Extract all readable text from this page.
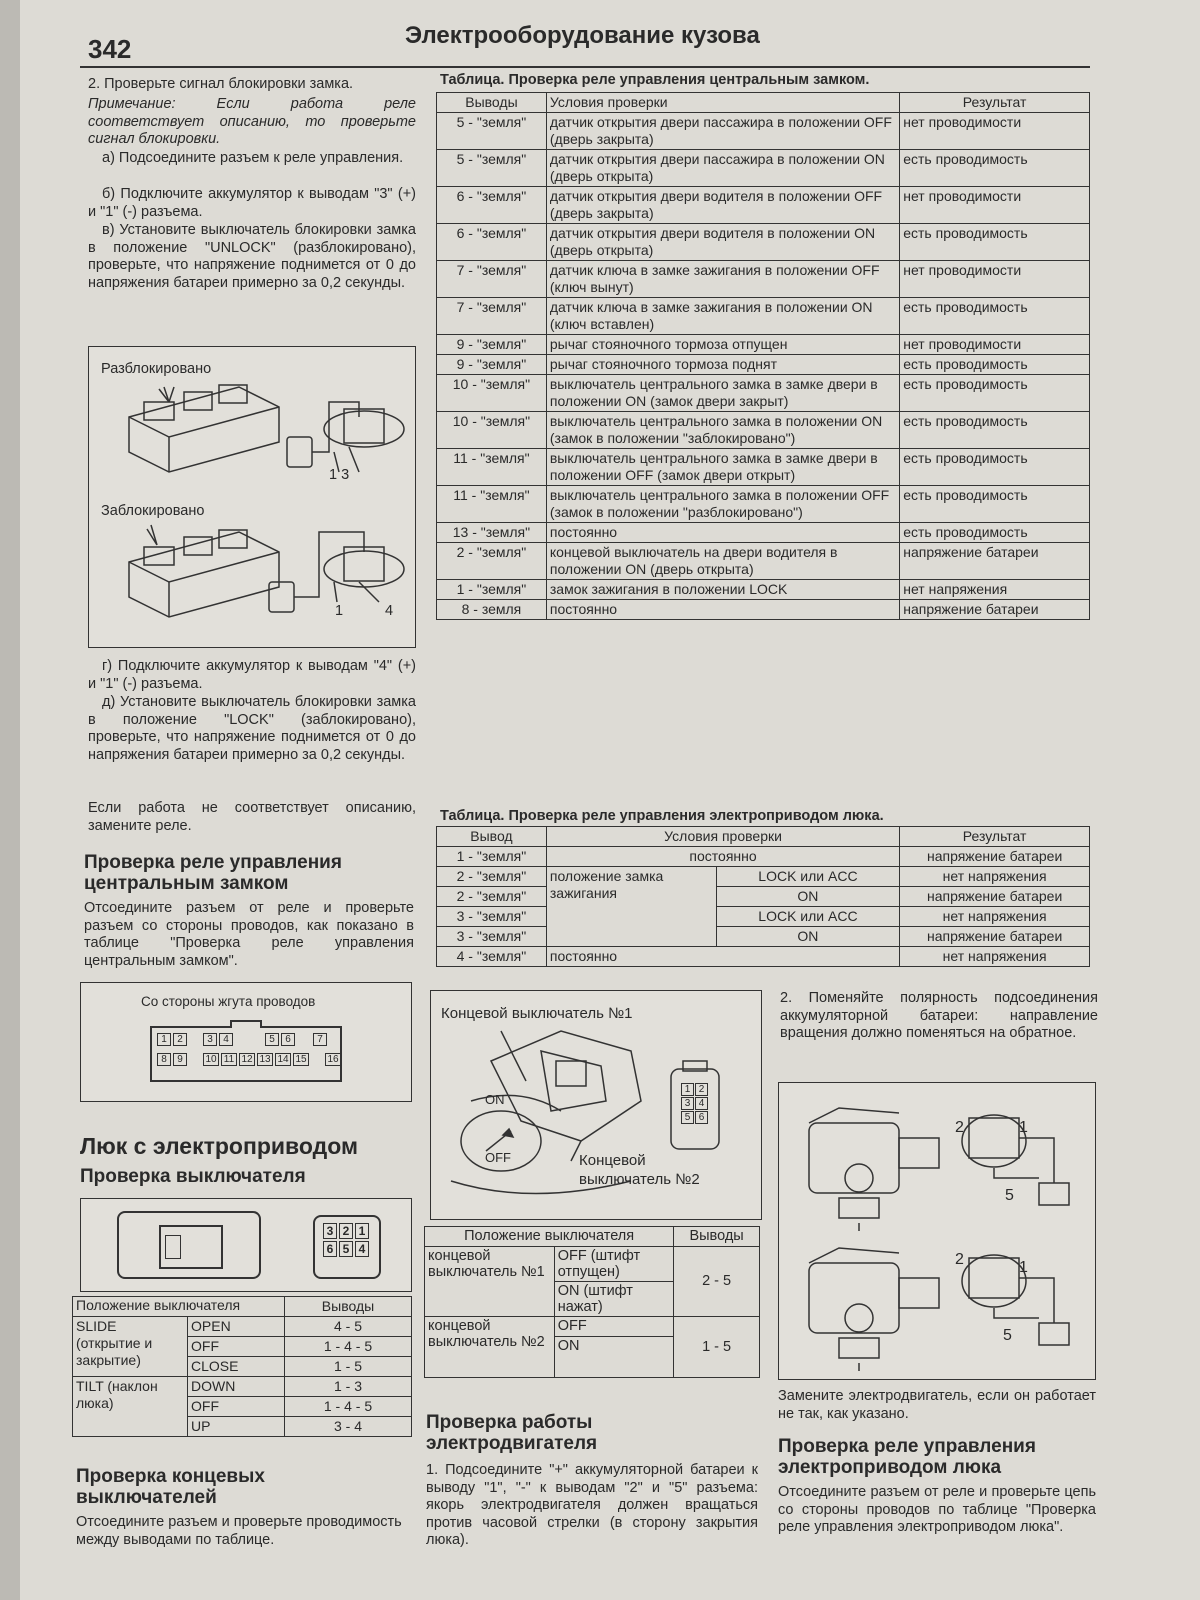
342	Электрооборудование кузова
2. Проверьте сигнал блокировки замка.
Примечание: Если работа реле соответствует описанию, то проверьте сигнал блокировки.
а) Подсоедините разъем к реле управления.
б) Подключите аккумулятор к выводам "3" (+) и "1" (-) разъема.
в) Установите выключатель блокировки замка в положение "UNLOCK" (разблокировано), проверьте, что напряжение поднимется от 0 до напряжения батареи примерно за 0,2 секунды.
Разблокировано
Заблокировано
1 3
1	4
г) Подключите аккумулятор к выводам "4" (+) и "1" (-) разъема.
д) Установите выключатель блокировки замка в положение "LOCK" (заблокировано), проверьте, что напряжение поднимется от 0 до напряжения батареи примерно за 0,2 секунды.
Если работа не соответствует описанию, замените реле.
Проверка реле управления центральным замком
Отсоедините разъем от реле и проверьте разъем со стороны проводов, как показано в таблице "Проверка реле управления центральным замком".
Со стороны жгута проводов
1	2	3	4	5	6	7
8	9	10 11 12 13 14 15 16
Люк с электроприводом
Проверка выключателя
3 2 1
6 5 4
Положение выключателя		Выводы
SLIDE (открытие и закрытие)	OPEN	4 - 5
	OFF	1 - 4 - 5
	CLOSE	1 - 5
TILT (наклон люка)	DOWN	1 - 3
	OFF	1 - 4 - 5
	UP	3 - 4
Проверка концевых выключателей
Отсоедините разъем и проверьте проводимость между выводами по таблице.
Таблица. Проверка реле управления центральным замком.
Выводы	Условия проверки	Результат
5 - "земля"	датчик открытия двери пассажира в положении OFF (дверь закрыта)	нет проводимости
5 - "земля"	датчик открытия двери пассажира в положении ON (дверь открыта)	есть проводимость
6 - "земля"	датчик открытия двери водителя в положении OFF (дверь закрыта)	нет проводимости
6 - "земля"	датчик открытия двери водителя в положении ON (дверь открыта)	есть проводимость
7 - "земля"	датчик ключа в замке зажигания в положении OFF (ключ вынут)	нет проводимости
7 - "земля"	датчик ключа в замке зажигания в положении ON (ключ вставлен)	есть проводимость
9 - "земля"	рычаг стояночного тормоза отпущен	нет проводимости
9 - "земля"	рычаг стояночного тормоза поднят	есть проводимость
10 - "земля"	выключатель центрального замка в замке двери в положении ON (замок двери закрыт)	есть проводимость
10 - "земля"	выключатель центрального замка в положении ON (замок в положении "заблокировано")	есть проводимость
11 - "земля"	выключатель центрального замка в замке двери в положении OFF (замок двери открыт)	есть проводимость
11 - "земля"	выключатель центрального замка в положении OFF (замок в положении "разблокировано")	есть проводимость
13 - "земля"	постоянно	есть проводимость
2 - "земля"	концевой выключатель на двери водителя в положении ON (дверь открыта)	напряжение батареи
1 - "земля"	замок зажигания в положении LOCK	нет напряжения
8 - земля	постоянно	напряжение батареи
Таблица. Проверка реле управления электроприводом люка.
Вывод	Условия проверки		Результат
1 - "земля"	постоянно		напряжение батареи
2 - "земля"	положение замка зажигания	LOCK или ACC	нет напряжения
2 - "земля"		ON	напряжение батареи
3 - "земля"		LOCK или ACC	нет напряжения
3 - "земля"		ON	напряжение батареи
4 - "земля"	постоянно		нет напряжения
Концевой выключатель №1
ON
OFF	Концевой выключатель №2
1 2
3 4
5 6
Положение выключателя		Выводы
концевой выключатель №1	OFF (штифт отпущен)	2 - 5
	ON (штифт нажат)	
концевой выключатель №2	OFF	1 - 5
	ON	
Проверка работы электродвигателя
1. Подсоедините "+" аккумуляторной батареи к выводу "1", "-" к выводам "2" и "5" разъема: якорь электродвигателя должен вращаться против часовой стрелки (в сторону закрытия люка).
2. Поменяйте полярность подсоединения аккумуляторной батареи: направление вращения должно поменяться на обратное.
2	1
5
2	1
5
Замените электродвигатель, если он работает не так, как указано.
Проверка реле управления электроприводом люка
Отсоедините разъем от реле и проверьте цепь со стороны проводов по таблице "Проверка реле управления электроприводом люка".
